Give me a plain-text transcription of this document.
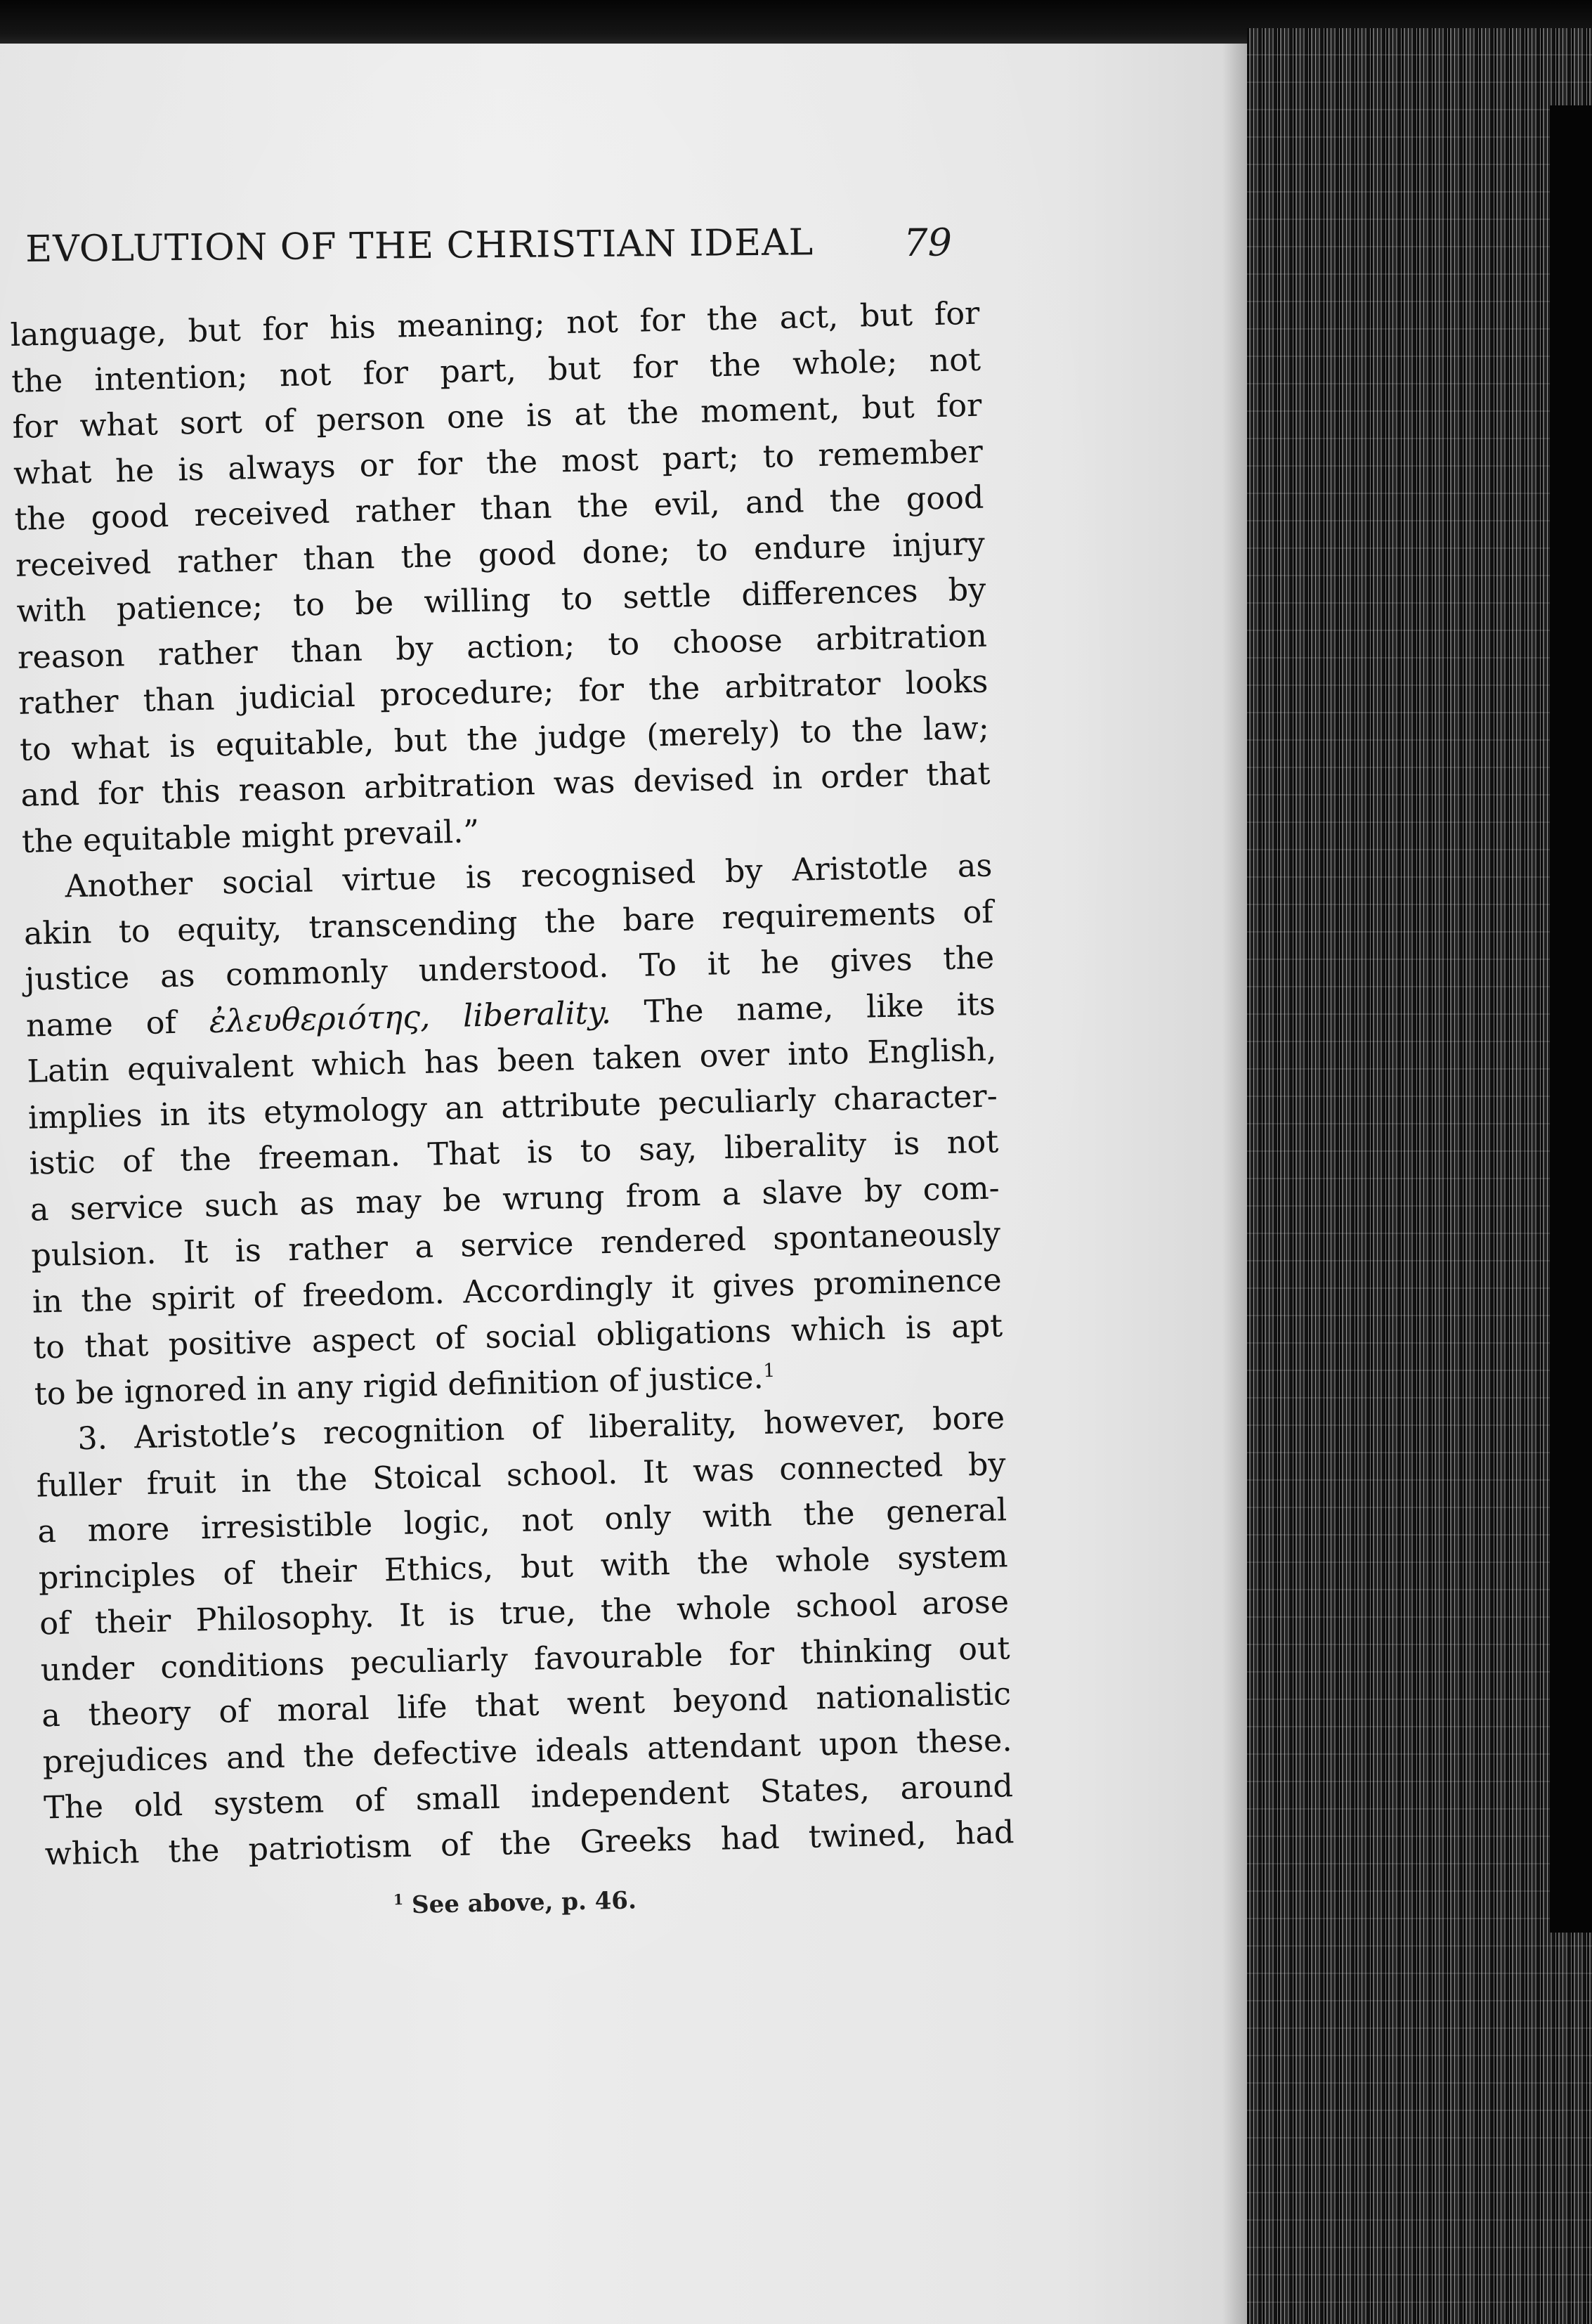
EVOLUTION OF THE CHRISTIAN IDEAL 79
language, but for his meaning; not for the act, but for
the intention; not for part, but for the whole; not
for what sort of person one is at the moment, but for
what he is always or for the most part; to remember
the good received rather than the evil, and the good
received rather than the good done; to endure injury
with patience; to be willing to settle differences by
reason rather than by action; to choose arbitration
rather than judicial procedure; for the arbitrator looks
to what is equitable, but the judge (merely) to the law;
and for this reason arbitration was devised in order that
the equitable might prevail.”
Another social virtue is recognised by Aristotle as
akin to equity, transcending the bare requirements of
justice as commonly understood. To it he gives the
name of ἐλευθεριότης, liberality. The name, like its
Latin equivalent which has been taken over into English,
implies in its etymology an attribute peculiarly character-
istic of the freeman. That is to say, liberality is not
a service such as may be wrung from a slave by com-
pulsion. It is rather a service rendered spontaneously
in the spirit of freedom. Accordingly it gives prominence
to that positive aspect of social obligations which is apt
to be ignored in any rigid definition of justice.$^1$
3. Aristotle’s recognition of liberality, however, bore
fuller fruit in the Stoical school. It was connected by
a more irresistible logic, not only with the general
principles of their Ethics, but with the whole system
of their Philosophy. It is true, the whole school arose
under conditions peculiarly favourable for thinking out
a theory of moral life that went beyond nationalistic
prejudices and the defective ideals attendant upon these.
The old system of small independent States, around
which the patriotism of the Greeks had twined, had
$^1$ See above, p. 46.
